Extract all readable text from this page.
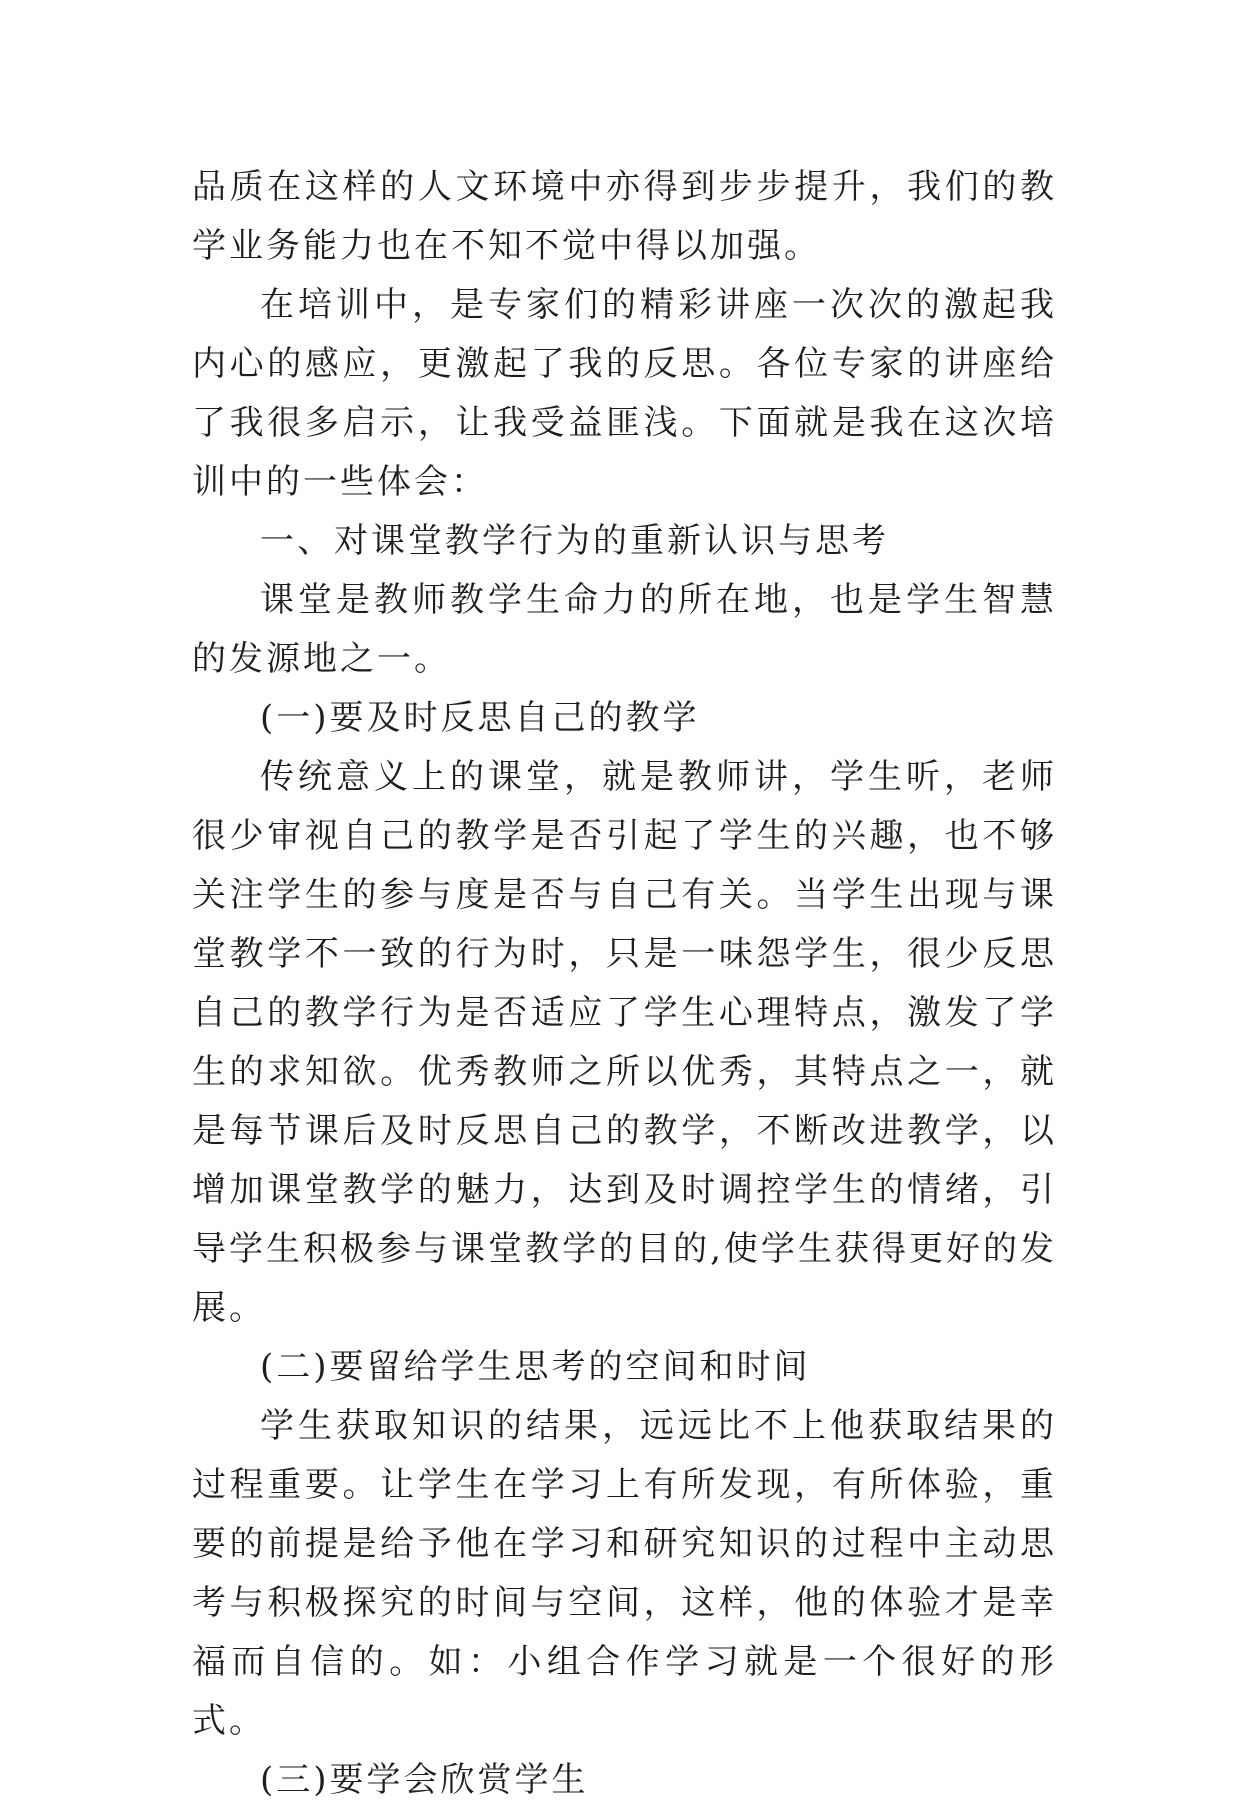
品质在这样的人文环境中亦得到步步提升，我们的教学业务能力也在不知不觉中得以加强。

在培训中，是专家们的精彩讲座一次次的激起我内心的感应，更激起了我的反思。各位专家的讲座给了我很多启示，让我受益匪浅。下面就是我在这次培训中的一些体会：

一、对课堂教学行为的重新认识与思考

课堂是教师教学生命力的所在地，也是学生智慧的发源地之一。

(一)要及时反思自己的教学

传统意义上的课堂，就是教师讲，学生听，老师很少审视自己的教学是否引起了学生的兴趣，也不够关注学生的参与度是否与自己有关。当学生出现与课堂教学不一致的行为时，只是一味怨学生，很少反思自己的教学行为是否适应了学生心理特点，激发了学生的求知欲。优秀教师之所以优秀，其特点之一，就是每节课后及时反思自己的教学，不断改进教学，以增加课堂教学的魅力，达到及时调控学生的情绪，引导学生积极参与课堂教学的目的,使学生获得更好的发展。

(二)要留给学生思考的空间和时间

学生获取知识的结果，远远比不上他获取结果的过程重要。让学生在学习上有所发现，有所体验，重要的前提是给予他在学习和研究知识的过程中主动思考与积极探究的时间与空间，这样，他的体验才是幸福而自信的。如：小组合作学习就是一个很好的形式。

(三)要学会欣赏学生
